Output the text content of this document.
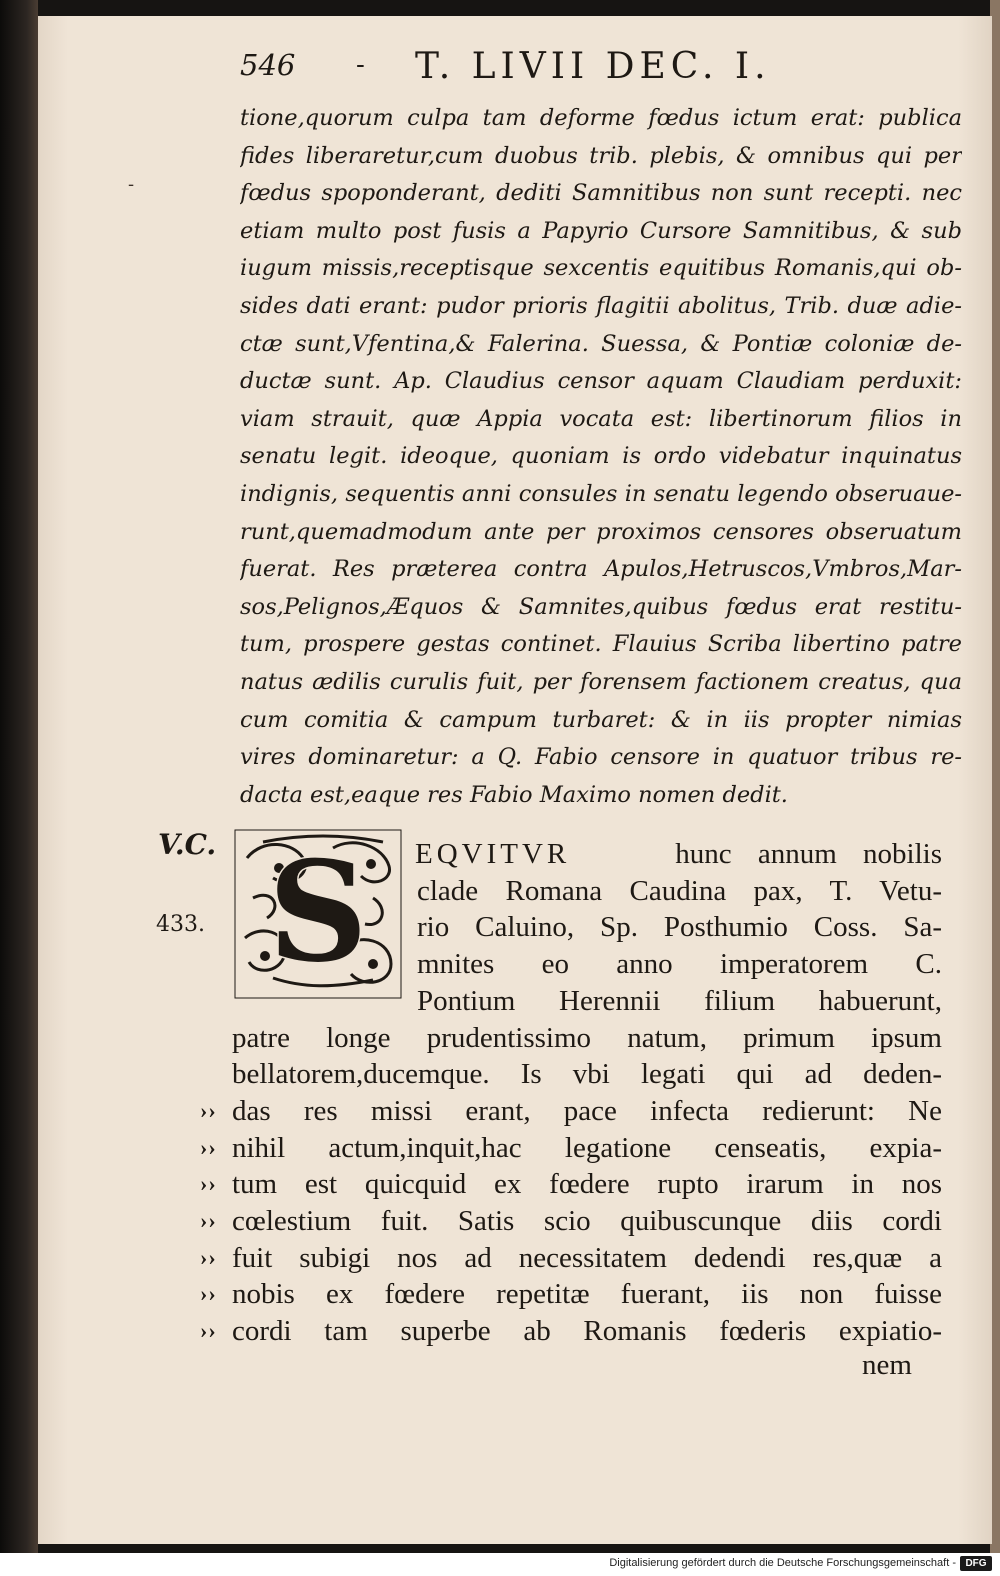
546 - T. LIVII DEC. I.
tione,quorum culpa tam deforme fœdus ictum erat: publica
fides liberaretur,cum duobus trib. plebis, & omnibus qui per
fœdus spoponderant, dediti Samnitibus non sunt recepti. nec
etiam multo post fusis a Papyrio Cursore Samnitibus, & sub
iugum missis,receptisque sexcentis equitibus Romanis,qui ob-
sides dati erant: pudor prioris flagitii abolitus, Trib. duæ adie-
ctæ sunt,Vfentina,& Falerina. Suessa, & Pontiæ coloniæ de-
ductæ sunt. Ap. Claudius censor aquam Claudiam perduxit:
viam strauit, quæ Appia vocata est: libertinorum filios in
senatu legit. ideoque, quoniam is ordo videbatur inquinatus
indignis, sequentis anni consules in senatu legendo obseruaue-
runt,quemadmodum ante per proximos censores obseruatum
fuerat. Res præterea contra Apulos,Hetruscos,Vmbros,Mar-
sos,Pelignos,Æquos & Samnites,quibus fœdus erat restitu-
tum, prospere gestas continet. Flauius Scriba libertino patre
natus ædilis curulis fuit, per forensem factionem creatus, qua
cum comitia & campum turbaret: & in iis propter nimias
vires dominaretur: a Q. Fabio censore in quatuor tribus re-
dacta est,eaque res Fabio Maximo nomen dedit.
-
V.C.
433. S EQVITVR	hunc annum nobilis
clade Romana Caudina pax, T. Vetu-
rio Caluino, Sp. Posthumio Coss. Sa-
mnites eo anno imperatorem C.
Pontium Herennii filium habuerunt,
patre longe prudentissimo natum, primum ipsum
bellatorem,ducemque. Is vbi legati qui ad deden-
›› das res missi erant, pace infecta redierunt: Ne
›› nihil actum,inquit,hac legatione censeatis, expia-
›› tum est quicquid ex fœdere rupto irarum in nos
›› cœlestium fuit. Satis scio quibuscunque diis cordi
›› fuit subigi nos ad necessitatem dedendi res,quæ a
›› nobis ex fœdere repetitæ fuerant, iis non fuisse
›› cordi tam superbe ab Romanis fœderis expiatio-
nem
Digitalisierung gefördert durch die Deutsche Forschungsgemeinschaft - DFG
